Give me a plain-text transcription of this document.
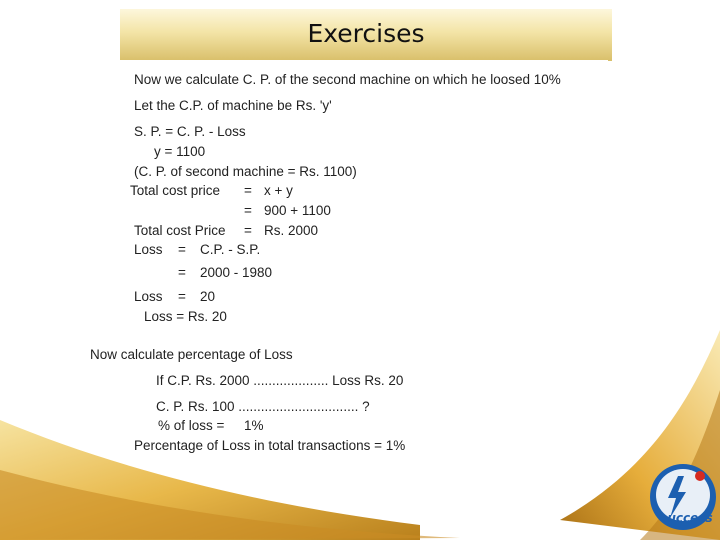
Exercises
Now we calculate C. P. of the second machine on which he loosed 10%
Let the C.P. of machine be Rs. 'y'
S. P. = C. P. - Loss
y = 1100
(C. P. of second machine = Rs. 1100)
Total cost price = x + y
= 900 + 1100
Total cost Price = Rs. 2000
Loss = C.P. - S.P.
= 2000 - 1980
Loss = 20
Loss = Rs. 20
Now calculate percentage of Loss
If C.P. Rs. 2000 .................... Loss Rs. 20
C. P. Rs. 100 ................................ ?
% of loss = 1%
Percentage of Loss in total transactions = 1%
uccess
